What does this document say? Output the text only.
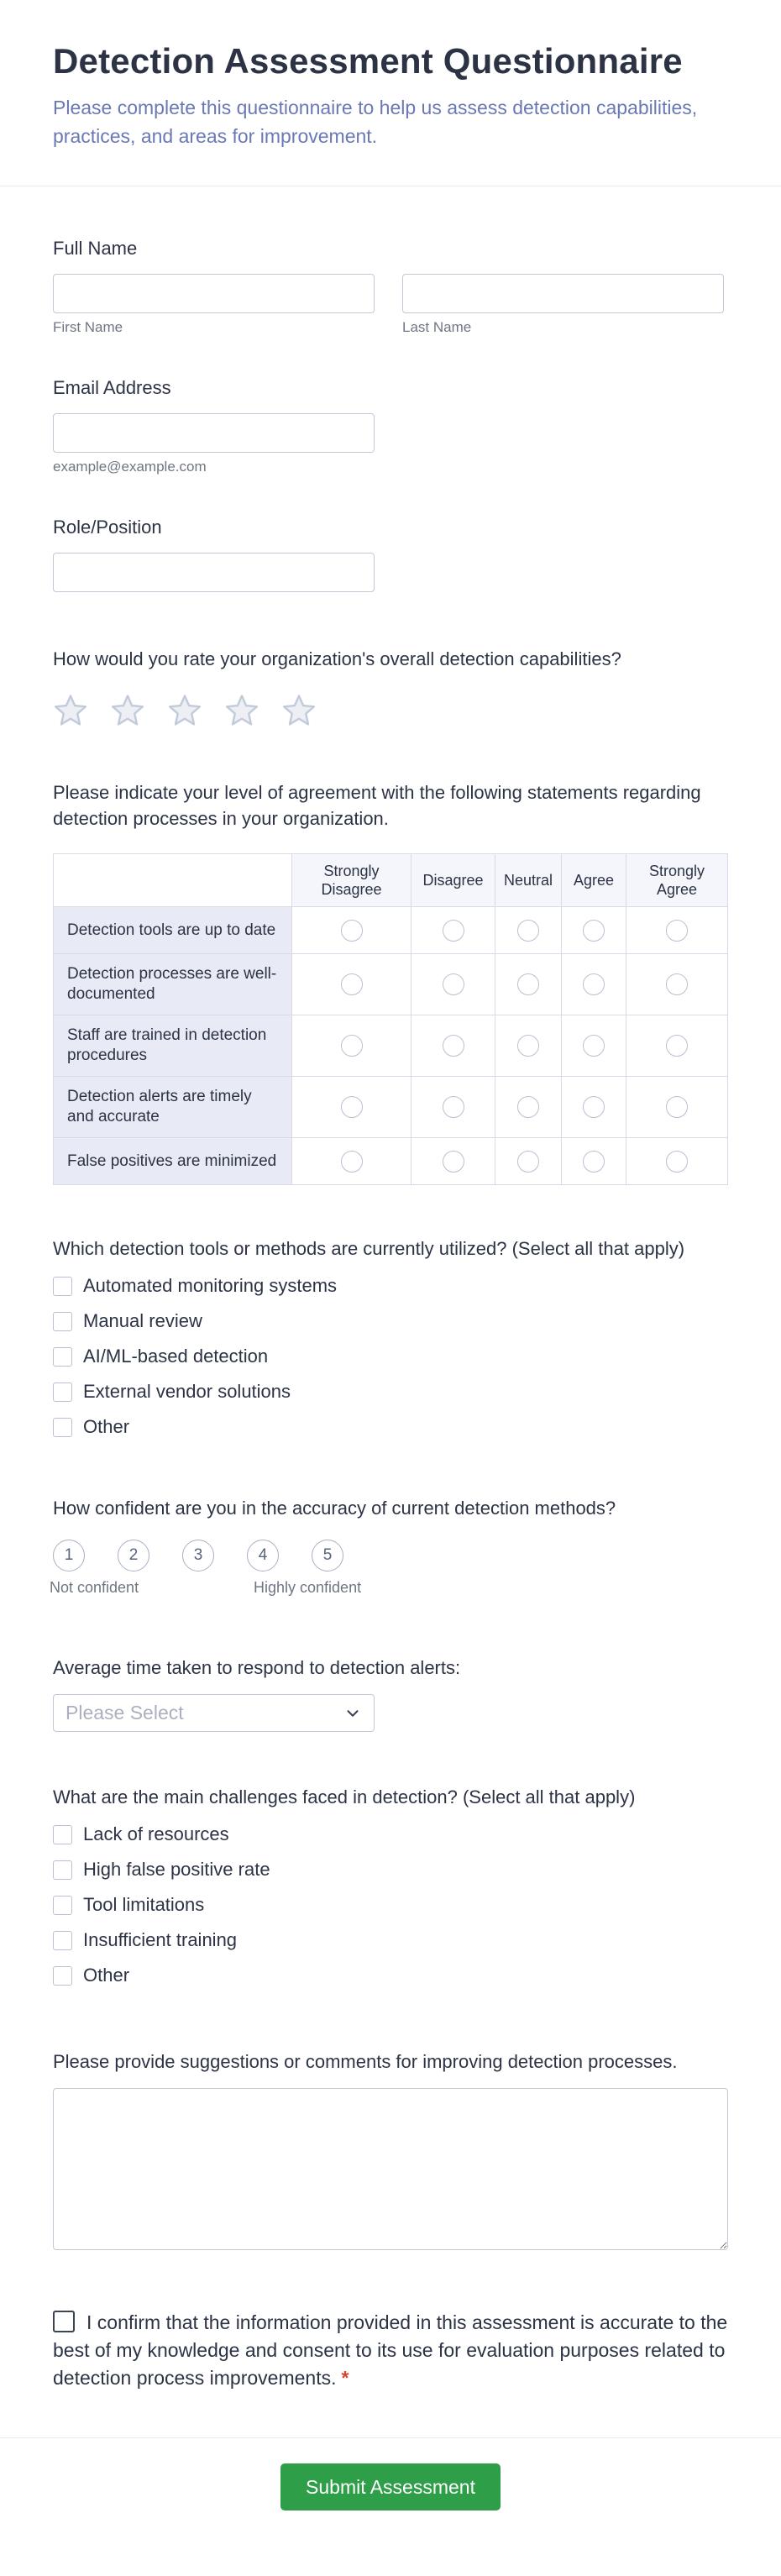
Detection Assessment Questionnaire
Please complete this questionnaire to help us assess detection capabilities, practices, and areas for improvement.
Full Name
First Name	Last Name
Email Address
example@example.com
Role/Position
How would you rate your organization's overall detection capabilities?
Please indicate your level of agreement with the following statements regarding detection processes in your organization.
	Strongly Disagree	Disagree	Neutral	Agree	Strongly Agree
Detection tools are up to date					
Detection processes are well-documented					
Staff are trained in detection procedures					
Detection alerts are timely and accurate					
False positives are minimized					
Which detection tools or methods are currently utilized? (Select all that apply)
Automated monitoring systems
Manual review
AI/ML-based detection
External vendor solutions
Other
How confident are you in the accuracy of current detection methods?
1	2	3	4	5
Not confident	Highly confident
Average time taken to respond to detection alerts:
Please Select
What are the main challenges faced in detection? (Select all that apply)
Lack of resources
High false positive rate
Tool limitations
Insufficient training
Other
Please provide suggestions or comments for improving detection processes.
I confirm that the information provided in this assessment is accurate to the best of my knowledge and consent to its use for evaluation purposes related to detection process improvements. *
Submit Assessment
